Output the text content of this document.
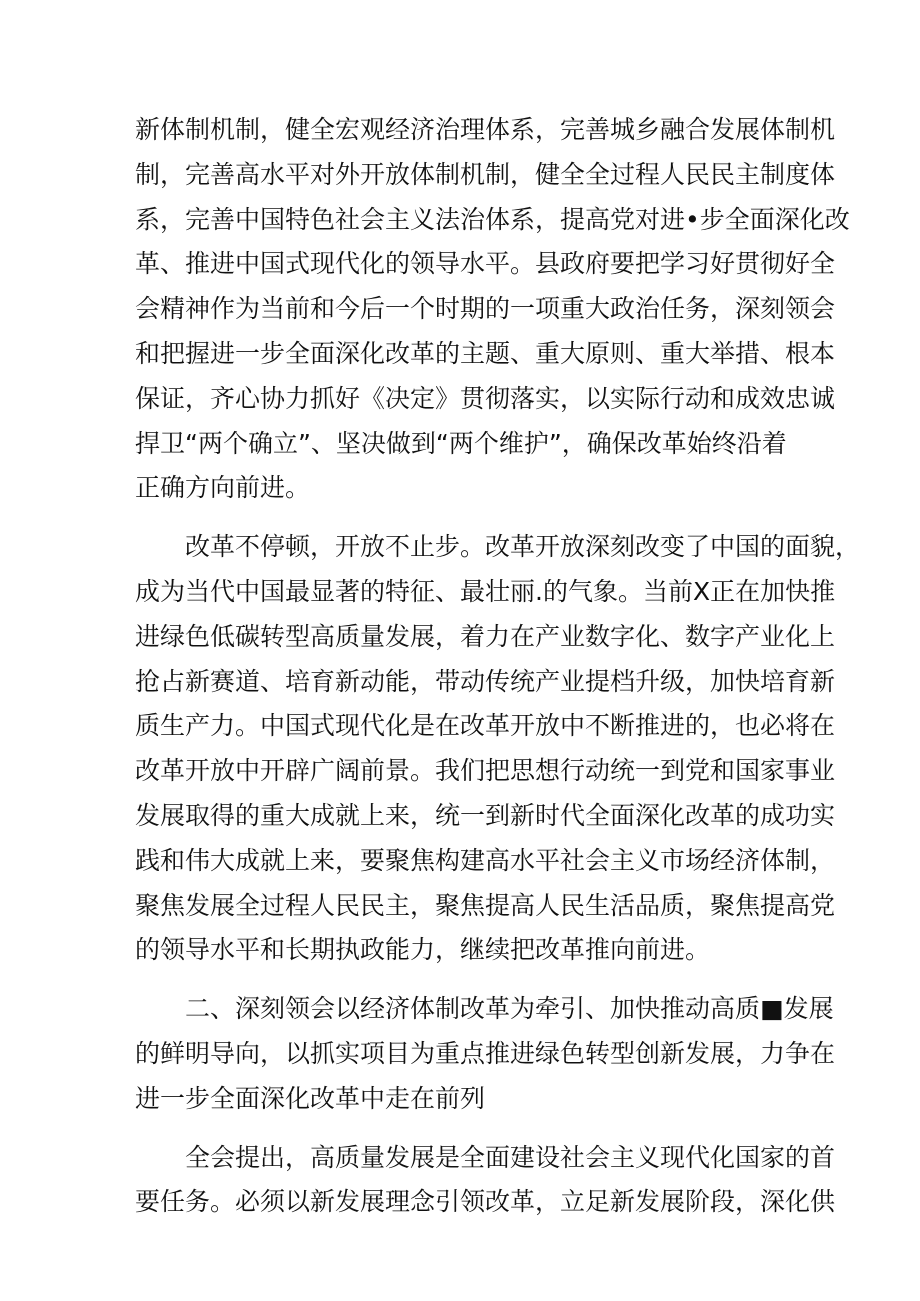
新体制机制，健全宏观经济治理体系，完善城乡融合发展体制机
制，完善高水平对外开放体制机制，健全全过程人民民主制度体
系，完善中国特色社会主义法治体系，提高党对进•步全面深化改
革、推进中国式现代化的领导水平。县政府要把学习好贯彻好全
会精神作为当前和今后一个时期的一项重大政治任务，深刻领会
和把握进一步全面深化改革的主题、重大原则、重大举措、根本
保证，齐心协力抓好《决定》贯彻落实，以实际行动和成效忠诚
捍卫“两个确立”、坚决做到“两个维护”，确保改革始终沿着
正确方向前进。

改革不停顿，开放不止步。改革开放深刻改变了中国的面貌，
成为当代中国最显著的特征、最壮丽.的气象。当前X正在加快推
进绿色低碳转型高质量发展，着力在产业数字化、数字产业化上
抢占新赛道、培育新动能，带动传统产业提档升级，加快培育新
质生产力。中国式现代化是在改革开放中不断推进的，也必将在
改革开放中开辟广阔前景。我们把思想行动统一到党和国家事业
发展取得的重大成就上来，统一到新时代全面深化改革的成功实
践和伟大成就上来，要聚焦构建高水平社会主义市场经济体制，
聚焦发展全过程人民民主，聚焦提高人民生活品质，聚焦提高党
的领导水平和长期执政能力，继续把改革推向前进。

二、深刻领会以经济体制改革为牵引、加快推动高质■发展
的鲜明导向，以抓实项目为重点推进绿色转型创新发展，力争在
进一步全面深化改革中走在前列

全会提出，高质量发展是全面建设社会主义现代化国家的首
要任务。必须以新发展理念引领改革，立足新发展阶段，深化供
